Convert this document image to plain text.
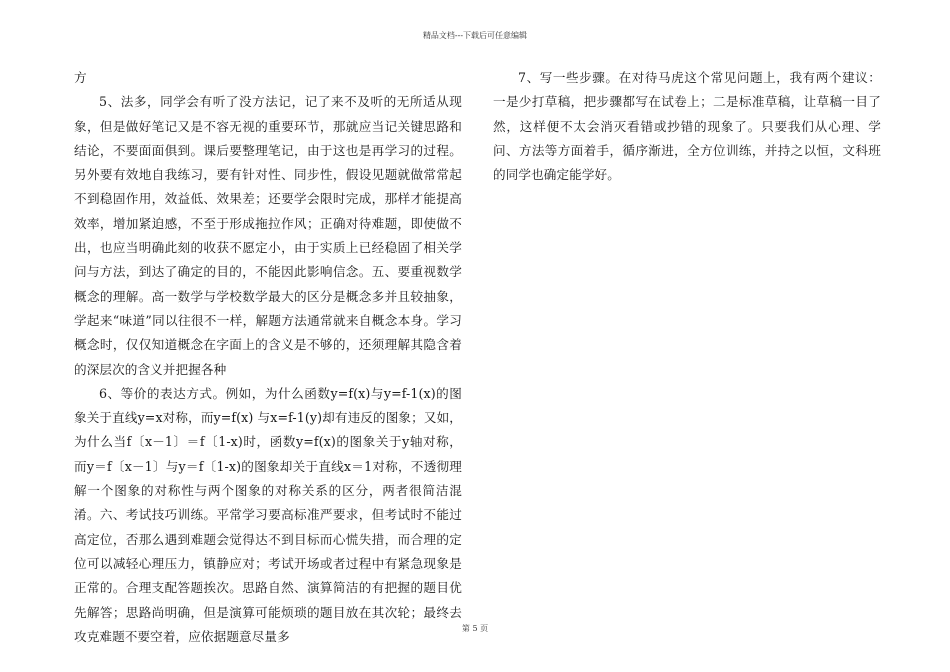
精品文档---下载后可任意编辑

方

5、法多，同学会有听了没方法记，记了来不及听的无所适从现象，但是做好笔记又是不容无视的重要环节，那就应当记关键思路和结论，不要面面俱到。课后要整理笔记，由于这也是再学习的过程。另外要有效地自我练习，要有针对性、同步性，假设见题就做常常起不到稳固作用，效益低、效果差；还要学会限时完成，那样才能提高效率，增加紧迫感，不至于形成拖拉作风；正确对待难题，即使做不出，也应当明确此刻的收获不愿定小，由于实质上已经稳固了相关学问与方法，到达了确定的目的，不能因此影响信念。五、要重视数学概念的理解。高一数学与学校数学最大的区分是概念多并且较抽象，学起来“味道”同以往很不一样，解题方法通常就来自概念本身。学习概念时，仅仅知道概念在字面上的含义是不够的，还须理解其隐含着的深层次的含义并把握各种

6、等价的表达方式。例如，为什么函数y=f(x)与y=f-1(x)的图象关于直线y=x对称，而y=f(x) 与x=f-1(y)却有违反的图象；又如，为什么当f〔x－1〕＝f〔1-x)时，函数y=f(x)的图象关于y轴对称，而y＝f〔x－1〕与y＝f〔1-x)的图象却关于直线x＝1对称，不透彻理解一个图象的对称性与两个图象的对称关系的区分，两者很简洁混淆。六、考试技巧训练。平常学习要高标准严要求，但考试时不能过高定位，否那么遇到难题会觉得达不到目标而心慌失措，而合理的定位可以减轻心理压力，镇静应对；考试开场或者过程中有紧急现象是正常的。合理支配答题挨次。思路自然、演算简洁的有把握的题目优先解答；思路尚明确，但是演算可能烦琐的题目放在其次轮；最终去攻克难题不要空着，应依据题意尽量多

7、写一些步骤。在对待马虎这个常见问题上，我有两个建议：一是少打草稿，把步骤都写在试卷上；二是标准草稿，让草稿一目了然，这样便不太会消灭看错或抄错的现象了。只要我们从心理、学问、方法等方面着手，循序渐进，全方位训练，并持之以恒，文科班的同学也确定能学好。

第 5 页
